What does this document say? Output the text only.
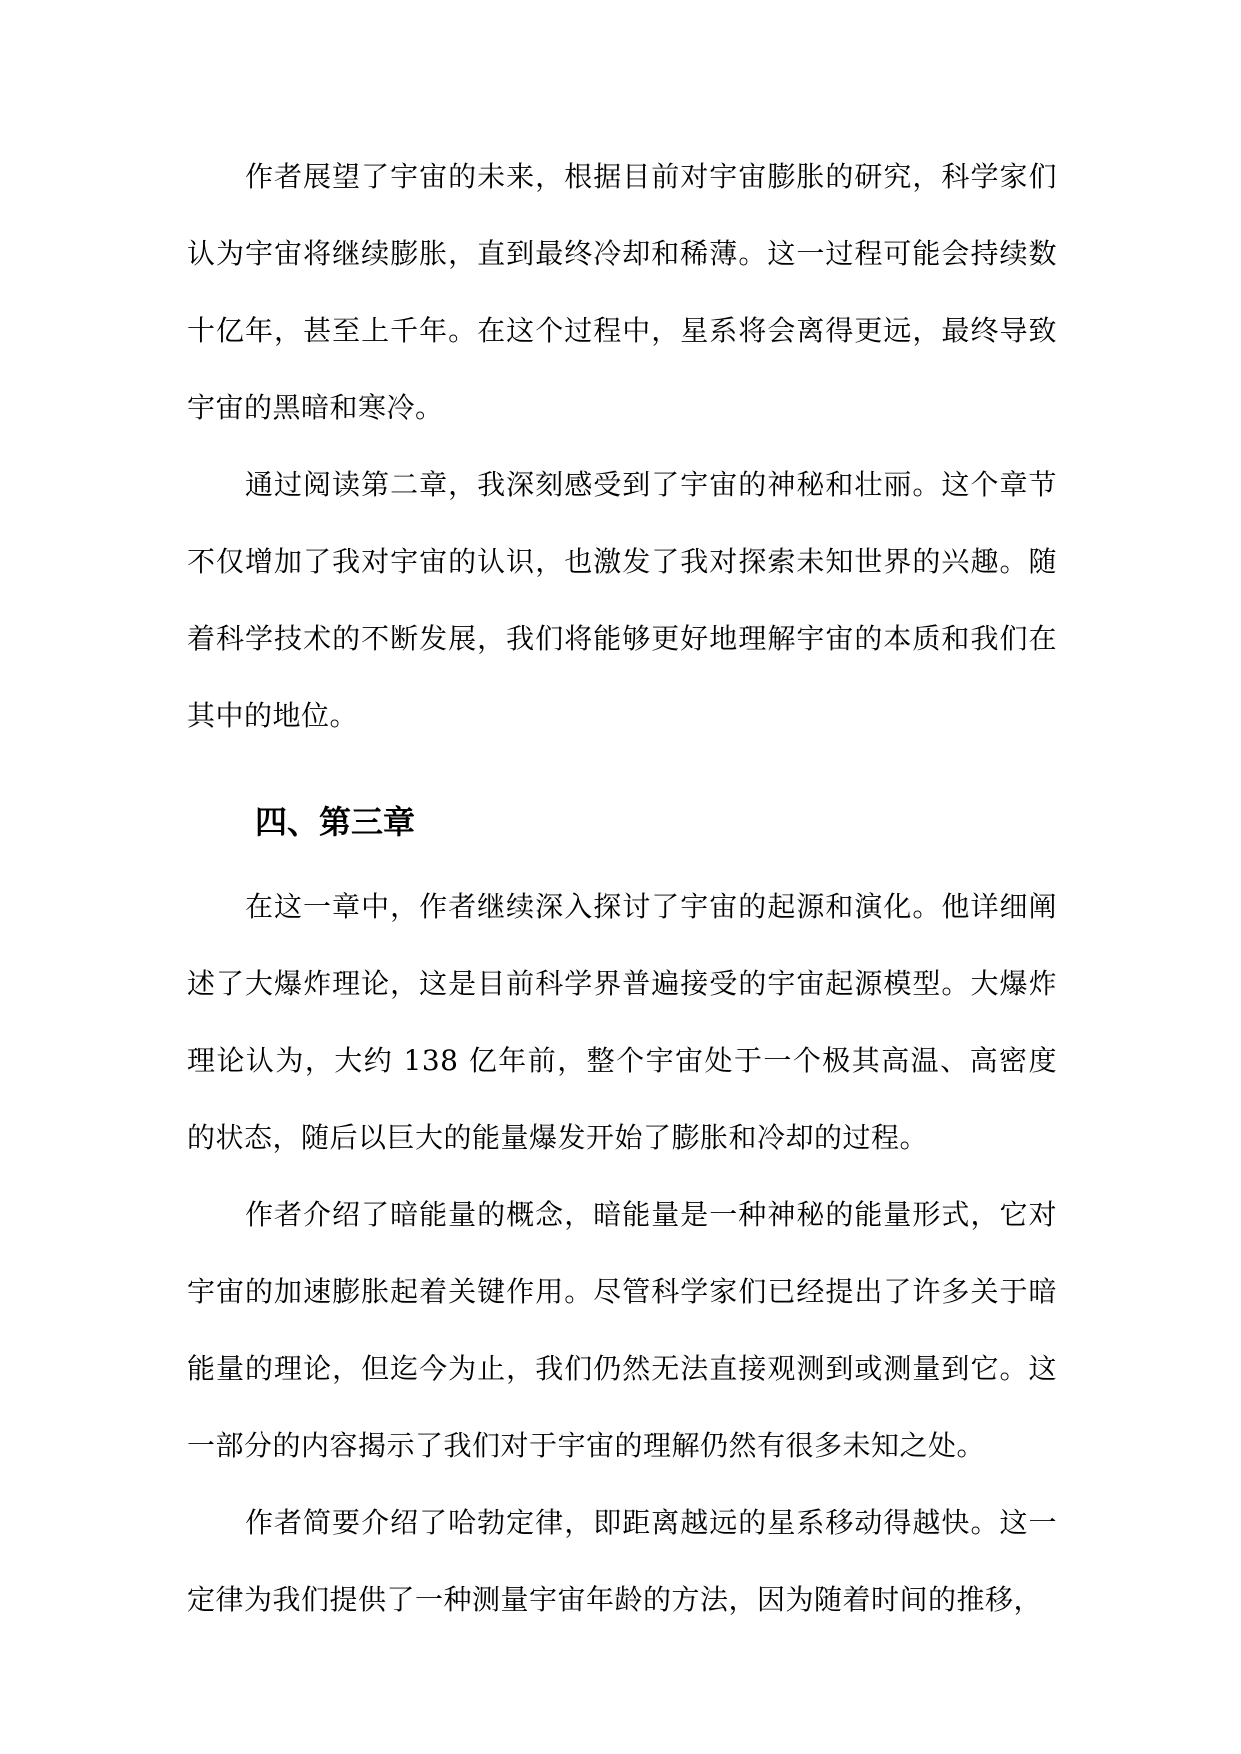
作者展望了宇宙的未来，根据目前对宇宙膨胀的研究，科学家们认为宇宙将继续膨胀，直到最终冷却和稀薄。这一过程可能会持续数十亿年，甚至上千年。在这个过程中，星系将会离得更远，最终导致宇宙的黑暗和寒冷。

通过阅读第二章，我深刻感受到了宇宙的神秘和壮丽。这个章节不仅增加了我对宇宙的认识，也激发了我对探索未知世界的兴趣。随着科学技术的不断发展，我们将能够更好地理解宇宙的本质和我们在其中的地位。

四、第三章

在这一章中，作者继续深入探讨了宇宙的起源和演化。他详细阐述了大爆炸理论，这是目前科学界普遍接受的宇宙起源模型。大爆炸理论认为，大约 138 亿年前，整个宇宙处于一个极其高温、高密度的状态，随后以巨大的能量爆发开始了膨胀和冷却的过程。

作者介绍了暗能量的概念，暗能量是一种神秘的能量形式，它对宇宙的加速膨胀起着关键作用。尽管科学家们已经提出了许多关于暗能量的理论，但迄今为止，我们仍然无法直接观测到或测量到它。这一部分的内容揭示了我们对于宇宙的理解仍然有很多未知之处。

作者简要介绍了哈勃定律，即距离越远的星系移动得越快。这一定律为我们提供了一种测量宇宙年龄的方法，因为随着时间的推移，
